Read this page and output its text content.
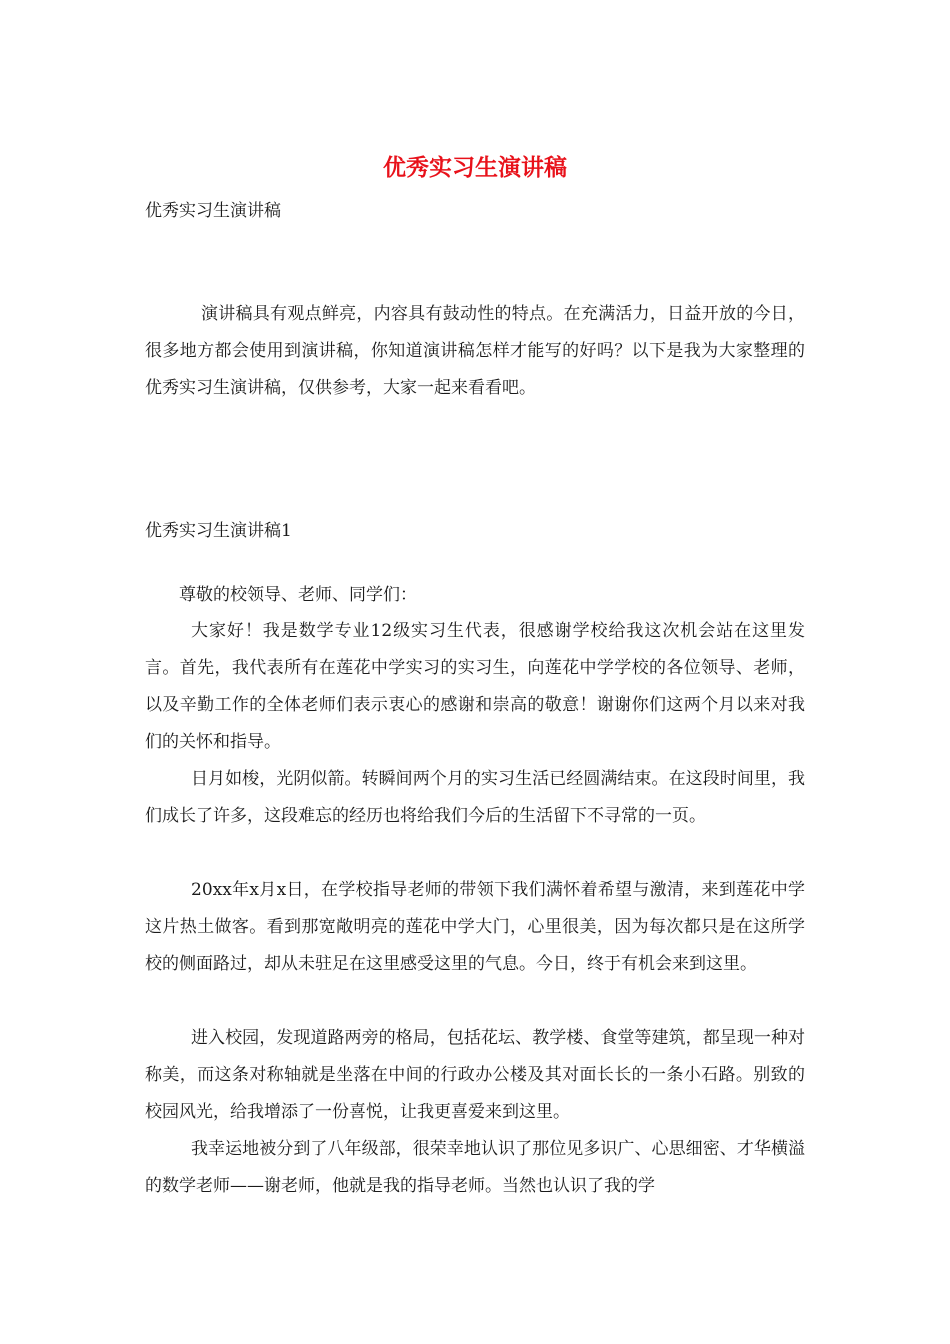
优秀实习生演讲稿
优秀实习生演讲稿

演讲稿具有观点鲜亮，内容具有鼓动性的特点。在充满活力，日益开放的今日，很多地方都会使用到演讲稿，你知道演讲稿怎样才能写的好吗？以下是我为大家整理的优秀实习生演讲稿，仅供参考，大家一起来看看吧。

优秀实习生演讲稿1

尊敬的校领导、老师、同学们：

大家好！我是数学专业12级实习生代表，很感谢学校给我这次机会站在这里发言。首先，我代表所有在莲花中学实习的实习生，向莲花中学学校的各位领导、老师，以及辛勤工作的全体老师们表示衷心的感谢和崇高的敬意！谢谢你们这两个月以来对我们的关怀和指导。

日月如梭，光阴似箭。转瞬间两个月的实习生活已经圆满结束。在这段时间里，我们成长了许多，这段难忘的经历也将给我们今后的生活留下不寻常的一页。

20xx年x月x日，在学校指导老师的带领下我们满怀着希望与激清，来到莲花中学这片热土做客。看到那宽敞明亮的莲花中学大门，心里很美，因为每次都只是在这所学校的侧面路过，却从未驻足在这里感受这里的气息。今日，终于有机会来到这里。

进入校园，发现道路两旁的格局，包括花坛、教学楼、食堂等建筑，都呈现一种对称美，而这条对称轴就是坐落在中间的行政办公楼及其对面长长的一条小石路。别致的校园风光，给我增添了一份喜悦，让我更喜爱来到这里。

我幸运地被分到了八年级部，很荣幸地认识了那位见多识广、心思细密、才华横溢的数学老师——谢老师，他就是我的指导老师。当然也认识了我的学
